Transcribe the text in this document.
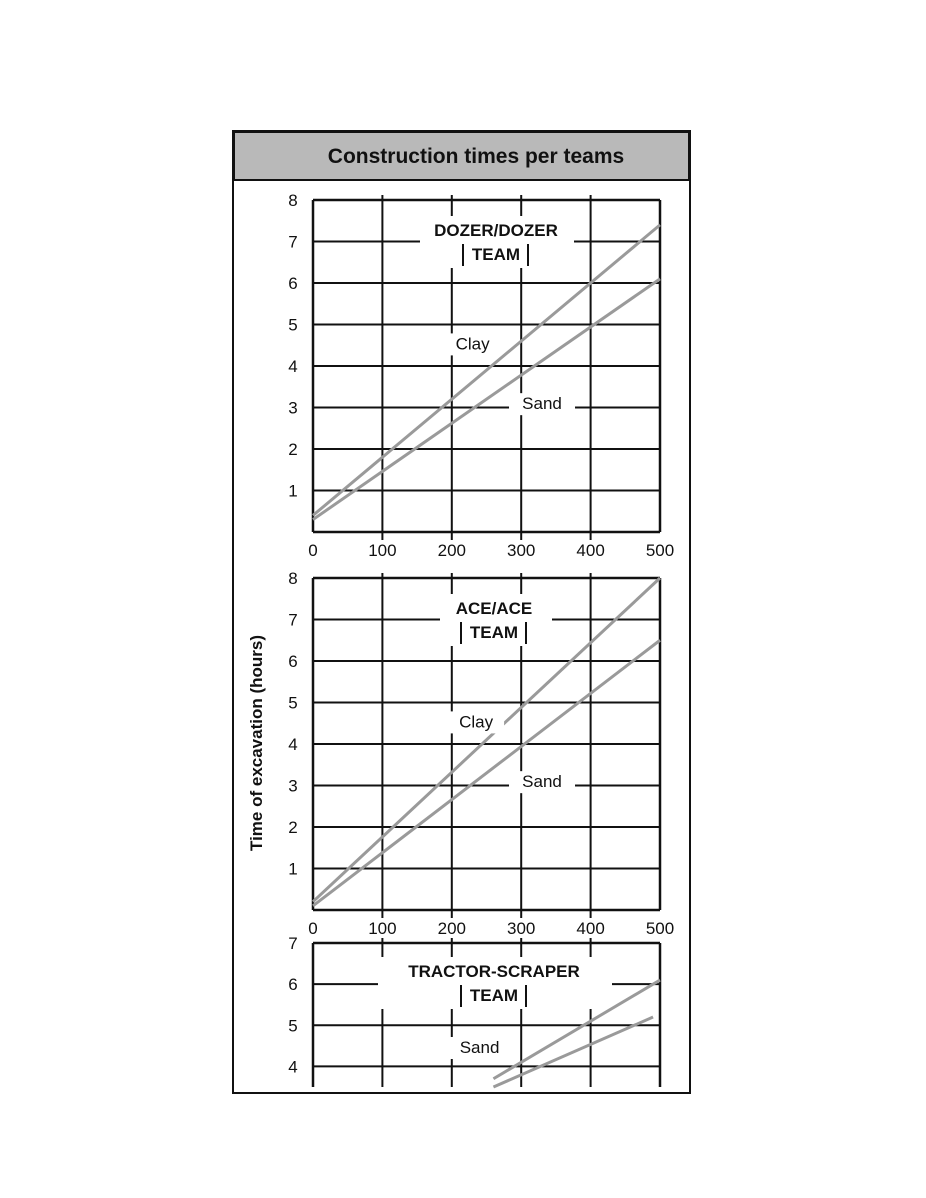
Construction times per teams
Time of excavation (hours)
1
2
3
4
5
6
7
8
0	100 200 300 400 500
DOZER/DOZER
TEAM
Clay
Sand
1
2
3
4
5
6
7
8
0	100 200 300 400 500
ACE/ACE
TEAM
Clay
Sand
4
5
6
7
TRACTOR-SCRAPER
TEAM
Sand
